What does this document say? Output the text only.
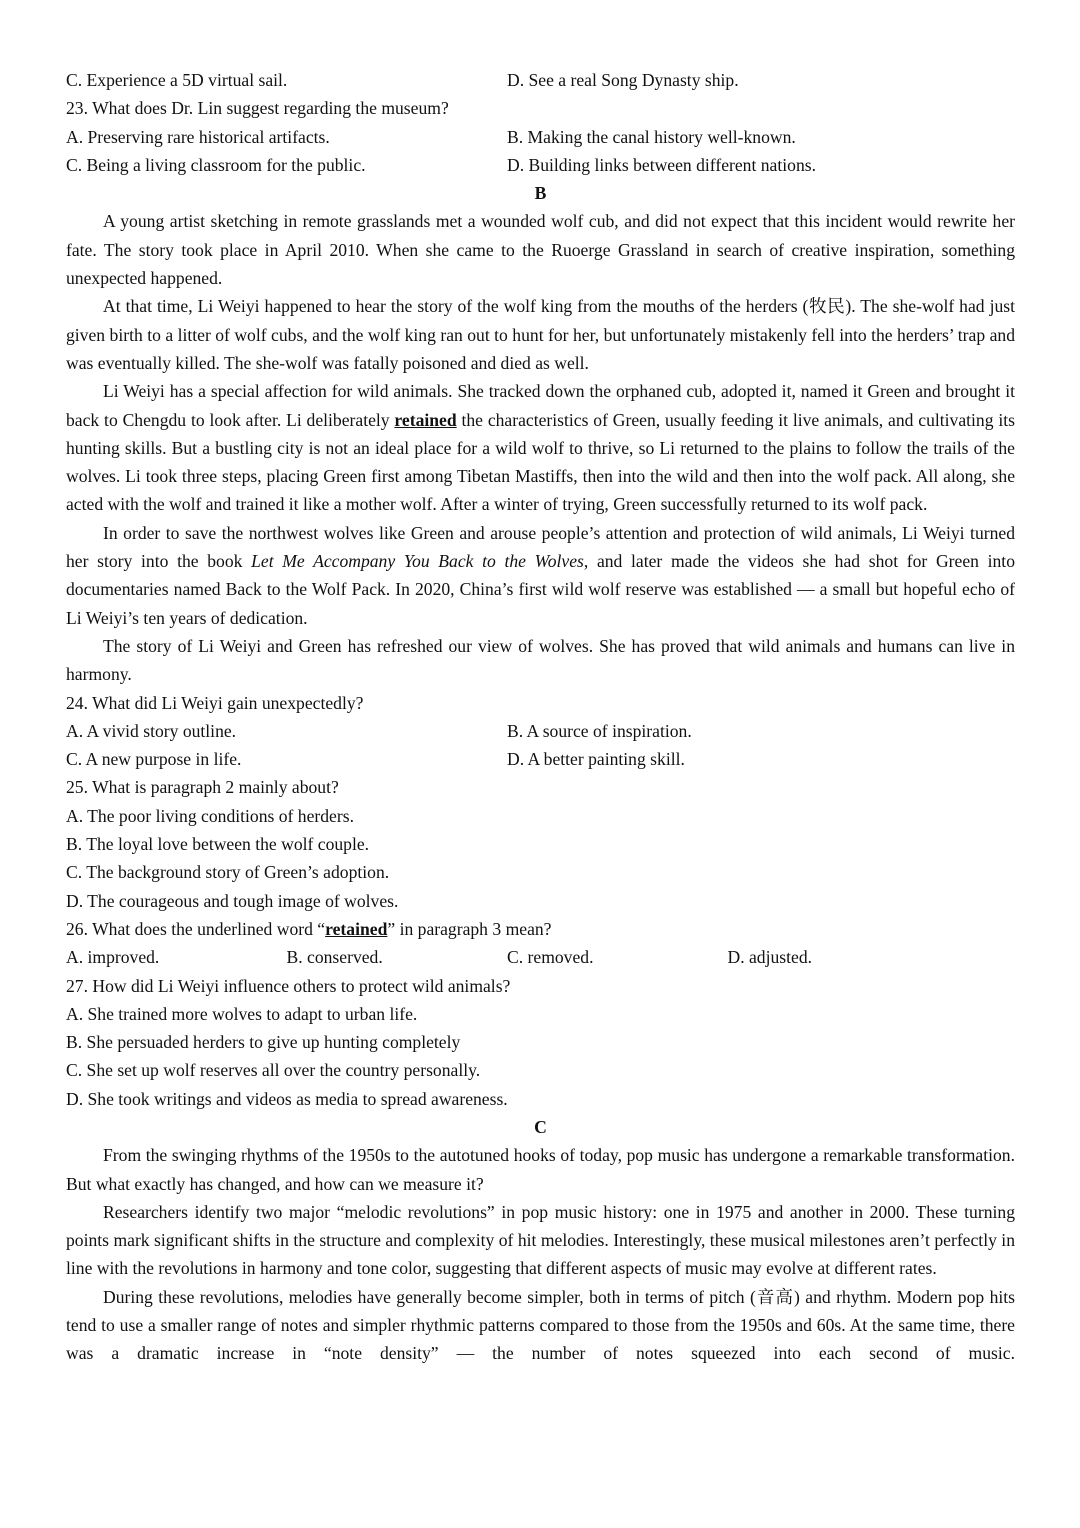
C. Experience a 5D virtual sail.	D. See a real Song Dynasty ship.
23. What does Dr. Lin suggest regarding the museum?
A. Preserving rare historical artifacts.	B. Making the canal history well-known.
C. Being a living classroom for the public.	D. Building links between different nations.
B
A young artist sketching in remote grasslands met a wounded wolf cub, and did not expect that this incident would rewrite her fate. The story took place in April 2010. When she came to the Ruoerge Grassland in search of creative inspiration, something unexpected happened.
At that time, Li Weiyi happened to hear the story of the wolf king from the mouths of the herders (牧民). The she-wolf had just given birth to a litter of wolf cubs, and the wolf king ran out to hunt for her, but unfortunately mistakenly fell into the herders’ trap and was eventually killed. The she-wolf was fatally poisoned and died as well.
Li Weiyi has a special affection for wild animals. She tracked down the orphaned cub, adopted it, named it Green and brought it back to Chengdu to look after. Li deliberately retained the characteristics of Green, usually feeding it live animals, and cultivating its hunting skills. But a bustling city is not an ideal place for a wild wolf to thrive, so Li returned to the plains to follow the trails of the wolves. Li took three steps, placing Green first among Tibetan Mastiffs, then into the wild and then into the wolf pack. All along, she acted with the wolf and trained it like a mother wolf. After a winter of trying, Green successfully returned to its wolf pack.
In order to save the northwest wolves like Green and arouse people’s attention and protection of wild animals, Li Weiyi turned her story into the book Let Me Accompany You Back to the Wolves, and later made the videos she had shot for Green into documentaries named Back to the Wolf Pack. In 2020, China’s first wild wolf reserve was established — a small but hopeful echo of Li Weiyi’s ten years of dedication.
The story of Li Weiyi and Green has refreshed our view of wolves. She has proved that wild animals and humans can live in harmony.
24. What did Li Weiyi gain unexpectedly?
A. A vivid story outline.	B. A source of inspiration.
C. A new purpose in life.	D. A better painting skill.
25. What is paragraph 2 mainly about?
A. The poor living conditions of herders.
B. The loyal love between the wolf couple.
C. The background story of Green’s adoption.
D. The courageous and tough image of wolves.
26. What does the underlined word “retained” in paragraph 3 mean?
A. improved.	B. conserved.	C. removed.	D. adjusted.
27. How did Li Weiyi influence others to protect wild animals?
A. She trained more wolves to adapt to urban life.
B. She persuaded herders to give up hunting completely
C. She set up wolf reserves all over the country personally.
D. She took writings and videos as media to spread awareness.
C
From the swinging rhythms of the 1950s to the autotuned hooks of today, pop music has undergone a remarkable transformation. But what exactly has changed, and how can we measure it?
Researchers identify two major “melodic revolutions” in pop music history: one in 1975 and another in 2000. These turning points mark significant shifts in the structure and complexity of hit melodies. Interestingly, these musical milestones aren’t perfectly in line with the revolutions in harmony and tone color, suggesting that different aspects of music may evolve at different rates.
During these revolutions, melodies have generally become simpler, both in terms of pitch (音高) and rhythm. Modern pop hits tend to use a smaller range of notes and simpler rhythmic patterns compared to those from the 1950s and 60s. At the same time, there was a dramatic increase in “note density” — the number of notes squeezed into each second of music.
